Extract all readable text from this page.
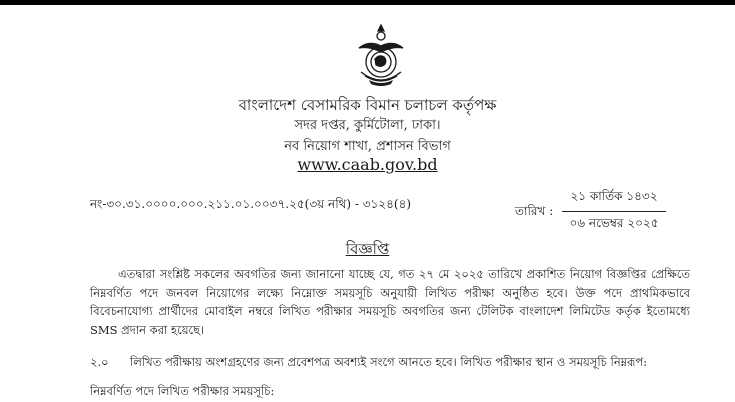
বাংলাদেশ বেসামরিক বিমান চলাচল কর্তৃপক্ষ
সদর দপ্তর, কুর্মিটোলা, ঢাকা।
নব নিয়োগ শাখা, প্রশাসন বিভাগ
www.caab.gov.bd
নং-৩০.৩১.০০০০.০০০.২১১.০১.০০৩৭.২৫(৩য় নথি) - ৩১২৪(৪)	তারিখ :
২১ কার্তিক ১৪৩২
০৬ নভেম্বর ২০২৫
বিজ্ঞপ্তি
এতদ্বারা সংশ্লিষ্ট সকলের অবগতির জন্য জানানো যাচ্ছে যে, গত ২৭ মে ২০২৫ তারিখে প্রকাশিত নিয়োগ বিজ্ঞপ্তির প্রেক্ষিতে নিম্নবর্ণিত পদে জনবল নিয়োগের লক্ষ্যে নিম্নোক্ত সময়সূচি অনুযায়ী লিখিত পরীক্ষা অনুষ্ঠিত হবে। উক্ত পদে প্রাথমিকভাবে বিবেচনাযোগ্য প্রার্থীদের মোবাইল নম্বরে লিখিত পরীক্ষার সময়সূচি অবগতির জন্য টেলিটক বাংলাদেশ লিমিটেড কর্তৃক ইতোমধ্যে SMS প্রদান করা হয়েছে।
২.০ লিখিত পরীক্ষায় অংশগ্রহণের জন্য প্রবেশপত্র অবশ্যই সংগে আনতে হবে। লিখিত পরীক্ষার স্থান ও সময়সূচি নিম্নরূপ:
নিম্নবর্ণিত পদে লিখিত পরীক্ষার সময়সূচি:
